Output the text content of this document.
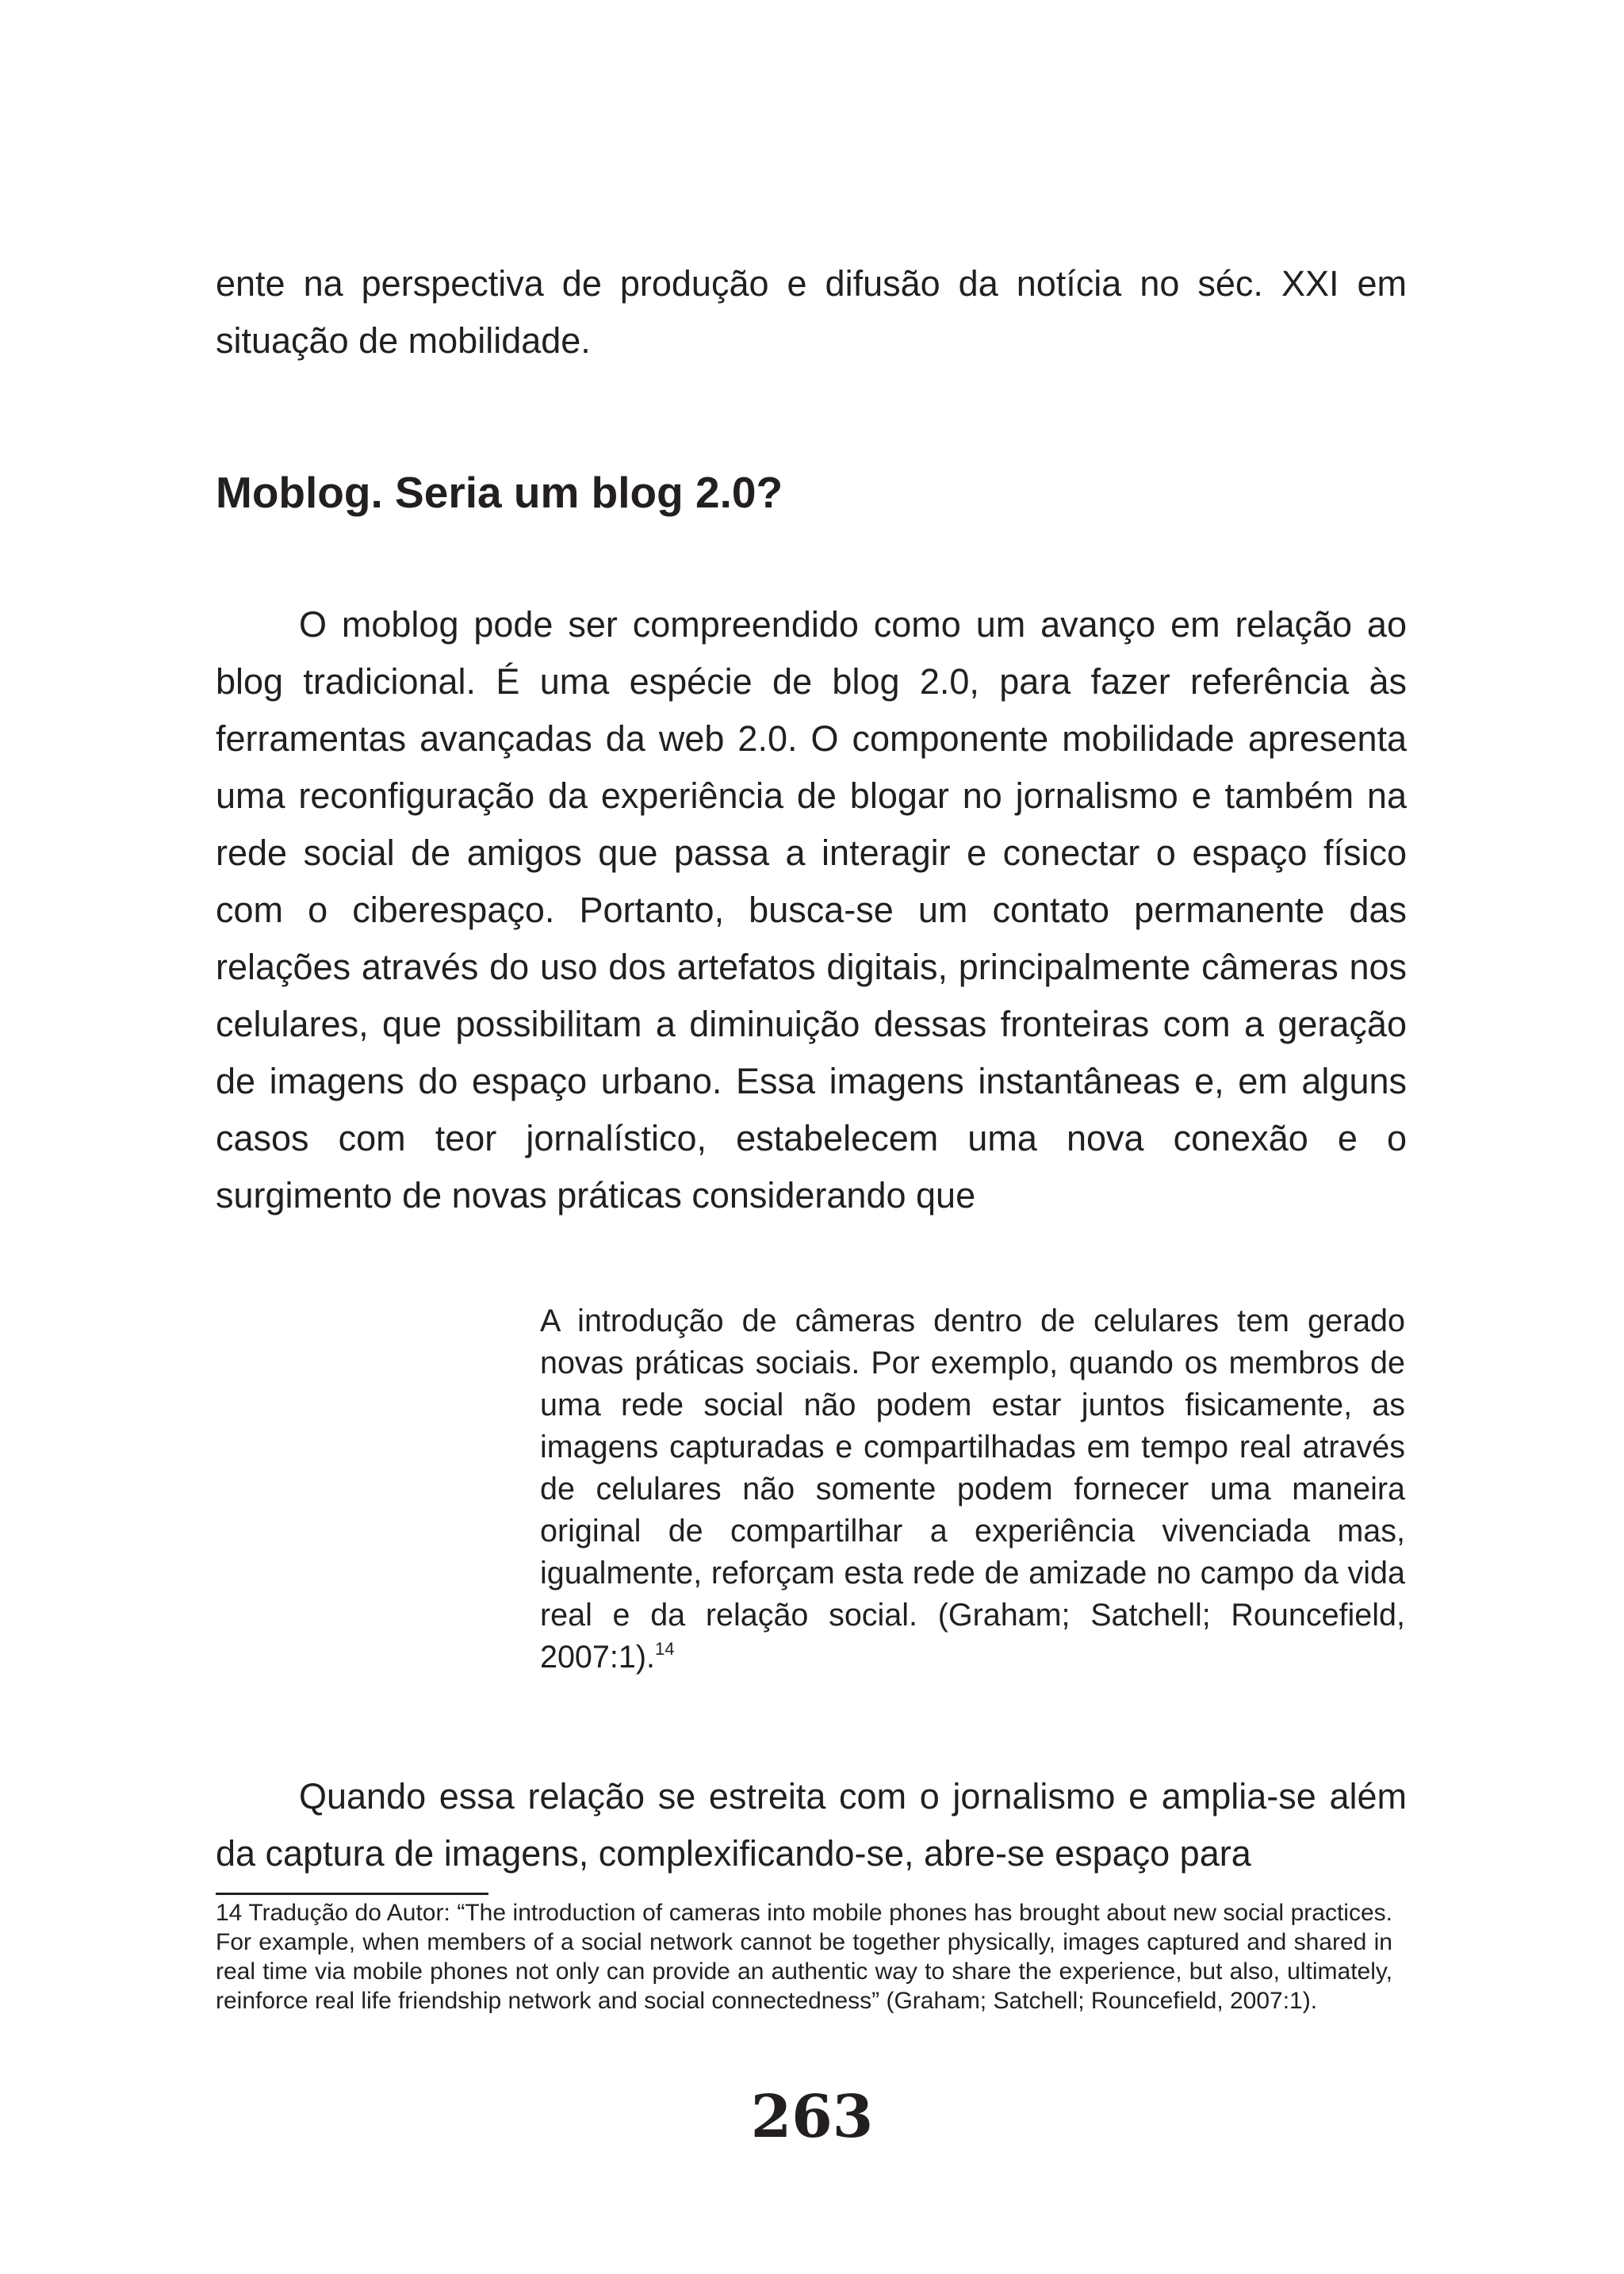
ente na perspectiva de produção e difusão da notícia no séc. XXI em situação de mobilidade.

Moblog. Seria um blog 2.0?

O moblog pode ser compreendido como um avanço em relação ao blog tradicional. É uma espécie de blog 2.0, para fazer referência às ferramentas avançadas da web 2.0. O componente mobilidade apresenta uma reconfiguração da experiência de blogar no jornalismo e também na rede social de amigos que passa a interagir e conectar o espaço físico com o ciberespaço. Portanto, busca-se um contato permanente das relações através do uso dos artefatos digitais, principalmente câmeras nos celulares, que possibilitam a diminuição dessas fronteiras com a geração de imagens do espaço urbano. Essa imagens instantâneas e, em alguns casos com teor jornalístico, estabelecem uma nova conexão e o surgimento de novas práticas considerando que

A introdução de câmeras dentro de celulares tem gerado novas práticas sociais. Por exemplo, quando os membros de uma rede social não podem estar juntos fisicamente, as imagens capturadas e compartilhadas em tempo real através de celulares não somente podem fornecer uma maneira original de compartilhar a experiência vivenciada mas, igualmente, reforçam esta rede de amizade no campo da vida real e da relação social. (Graham; Satchell; Rouncefield, 2007:1).$^{14}$

Quando essa relação se estreita com o jornalismo e amplia-se além da captura de imagens, complexificando-se, abre-se espaço para

14 Tradução do Autor: “The introduction of cameras into mobile phones has brought about new social practices. For example, when members of a social network cannot be together physically, images captured and shared in real time via mobile phones not only can provide an authentic way to share the experience, but also, ultimately, reinforce real life friendship network and social connectedness” (Graham; Satchell; Rouncefield, 2007:1).

263
